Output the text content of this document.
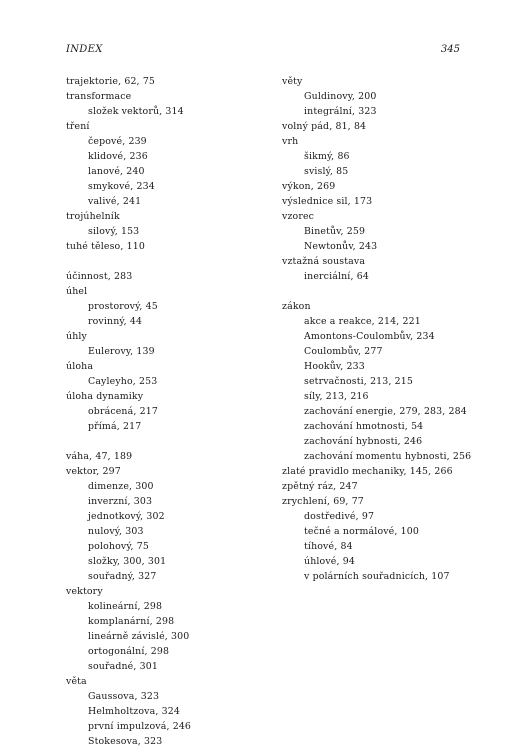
INDEX	345
trajektorie, 62, 75
transformace
složek vektorů, 314
tření
čepové, 239
klidové, 236
lanové, 240
smykové, 234
valivé, 241
trojúhelník
silový, 153
tuhé těleso, 110
účinnost, 283
úhel
prostorový, 45
rovinný, 44
úhly
Eulerovy, 139
úloha
Cayleyho, 253
úloha dynamiky
obrácená, 217
přímá, 217
váha, 47, 189
vektor, 297
dimenze, 300
inverzní, 303
jednotkový, 302
nulový, 303
polohový, 75
složky, 300, 301
souřadný, 327
vektory
kolineární, 298
komplanární, 298
lineárně závislé, 300
ortogonální, 298
souřadné, 301
věta
Gaussova, 323
Helmholtzova, 324
první impulzová, 246
Stokesova, 323
věty
Guldinovy, 200
integrální, 323
volný pád, 81, 84
vrh
šikmý, 86
svislý, 85
výkon, 269
výslednice sil, 173
vzorec
Binetův, 259
Newtonův, 243
vztažná soustava
inerciální, 64
zákon
akce a reakce, 214, 221
Amontons-Coulombův, 234
Coulombův, 277
Hookův, 233
setrvačnosti, 213, 215
síly, 213, 216
zachování energie, 279, 283, 284
zachování hmotnosti, 54
zachování hybnosti, 246
zachování momentu hybnosti, 256
zlaté pravidlo mechaniky, 145, 266
zpětný ráz, 247
zrychlení, 69, 77
dostředivé, 97
tečné a normálové, 100
tíhové, 84
úhlové, 94
v polárních souřadnicích, 107
